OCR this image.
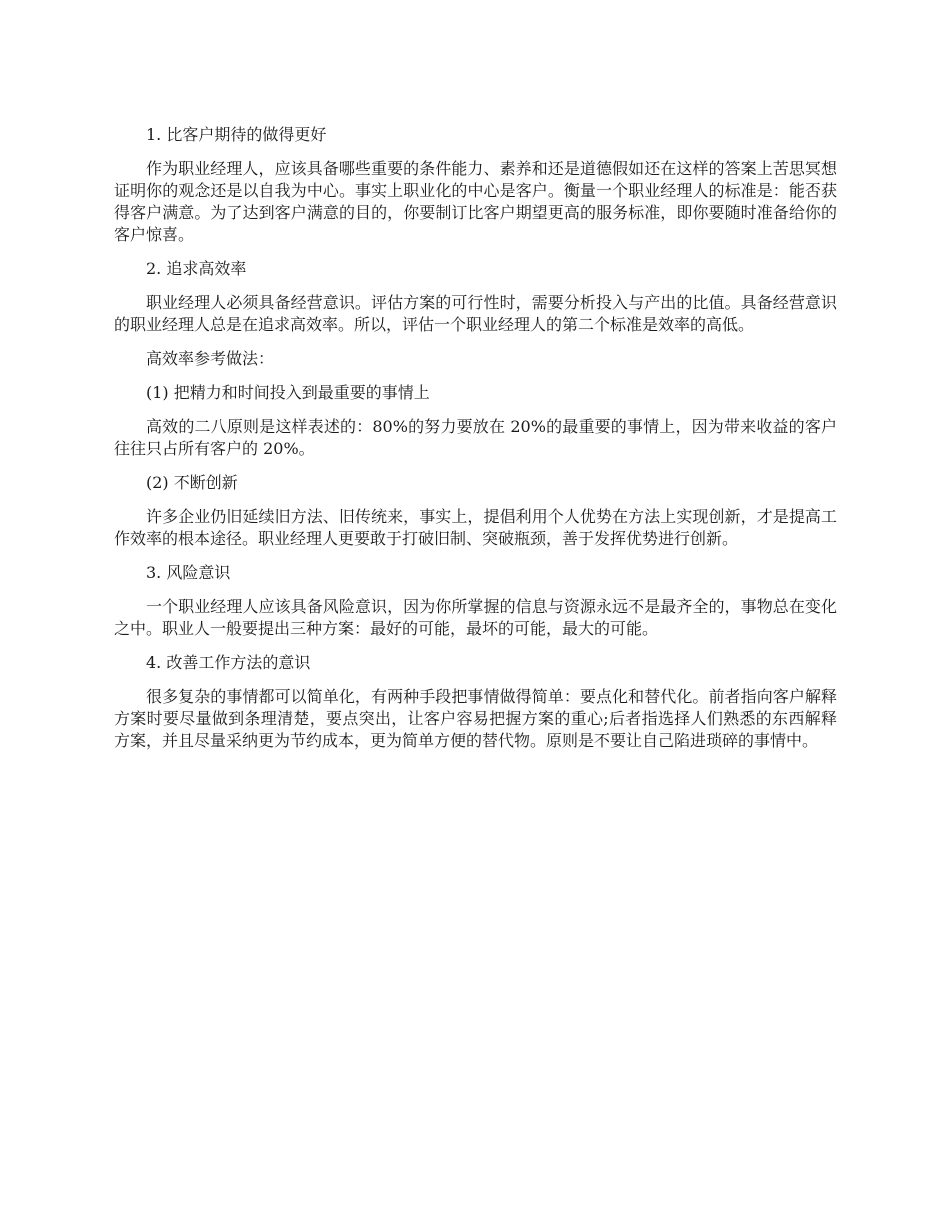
1. 比客户期待的做得更好

作为职业经理人，应该具备哪些重要的条件能力、素养和还是道德假如还在这样的答案上苦思冥想证明你的观念还是以自我为中心。事实上职业化的中心是客户。衡量一个职业经理人的标准是：能否获得客户满意。为了达到客户满意的目的，你要制订比客户期望更高的服务标准，即你要随时准备给你的客户惊喜。

2. 追求高效率

职业经理人必须具备经营意识。评估方案的可行性时，需要分析投入与产出的比值。具备经营意识的职业经理人总是在追求高效率。所以，评估一个职业经理人的第二个标准是效率的高低。

高效率参考做法：

(1) 把精力和时间投入到最重要的事情上

高效的二八原则是这样表述的：80%的努力要放在 20%的最重要的事情上，因为带来收益的客户往往只占所有客户的 20%。

(2) 不断创新

许多企业仍旧延续旧方法、旧传统来，事实上，提倡利用个人优势在方法上实现创新，才是提高工作效率的根本途径。职业经理人更要敢于打破旧制、突破瓶颈，善于发挥优势进行创新。

3. 风险意识

一个职业经理人应该具备风险意识，因为你所掌握的信息与资源永远不是最齐全的，事物总在变化之中。职业人一般要提出三种方案：最好的可能，最坏的可能，最大的可能。

4. 改善工作方法的意识

很多复杂的事情都可以简单化，有两种手段把事情做得简单：要点化和替代化。前者指向客户解释方案时要尽量做到条理清楚，要点突出，让客户容易把握方案的重心;后者指选择人们熟悉的东西解释方案，并且尽量采纳更为节约成本，更为简单方便的替代物。原则是不要让自己陷进琐碎的事情中。
